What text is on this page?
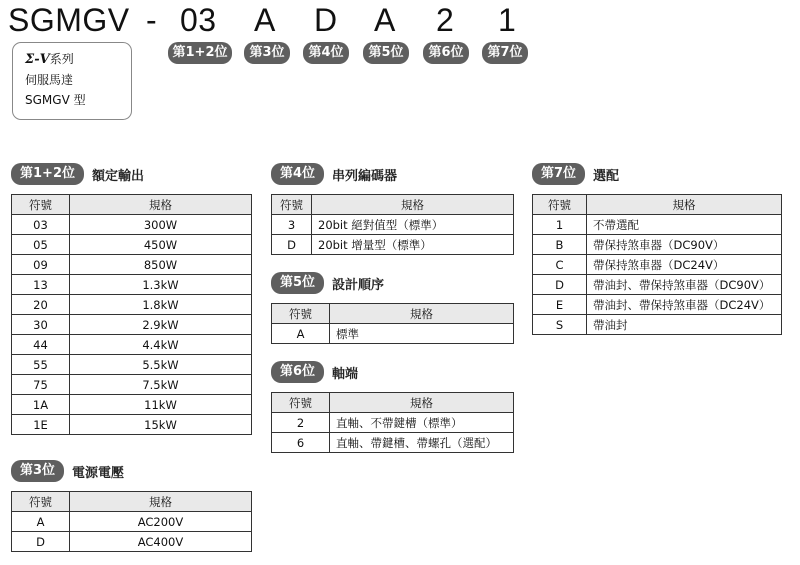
SGMGV - 03 A D A 2 1
第1+2位	第3位	第4位	第5位	第6位	第7位
Σ-V系列
伺服馬達
SGMGV 型
第1+2位	額定輸出
符號	規格
03	300W
05	450W
09	850W
13	1.3kW
20	1.8kW
30	2.9kW
44	4.4kW
55	5.5kW
75	7.5kW
1A	11kW
1E	15kW
第3位	電源電壓
符號	規格
A	AC200V
D	AC400V
第4位	串列編碼器
符號	規格
3	20bit 絕對值型（標準）
D	20bit 增量型（標準）
第5位	設計順序
符號	規格
A	標準
第6位	軸端
符號	規格
2	直軸、不帶鍵槽（標準）
6	直軸、帶鍵槽、帶螺孔（選配）
第7位	選配
符號	規格
1	不帶選配
B	帶保持煞車器（DC90V）
C	帶保持煞車器（DC24V）
D	帶油封、帶保持煞車器（DC90V）
E	帶油封、帶保持煞車器（DC24V）
S	帶油封
